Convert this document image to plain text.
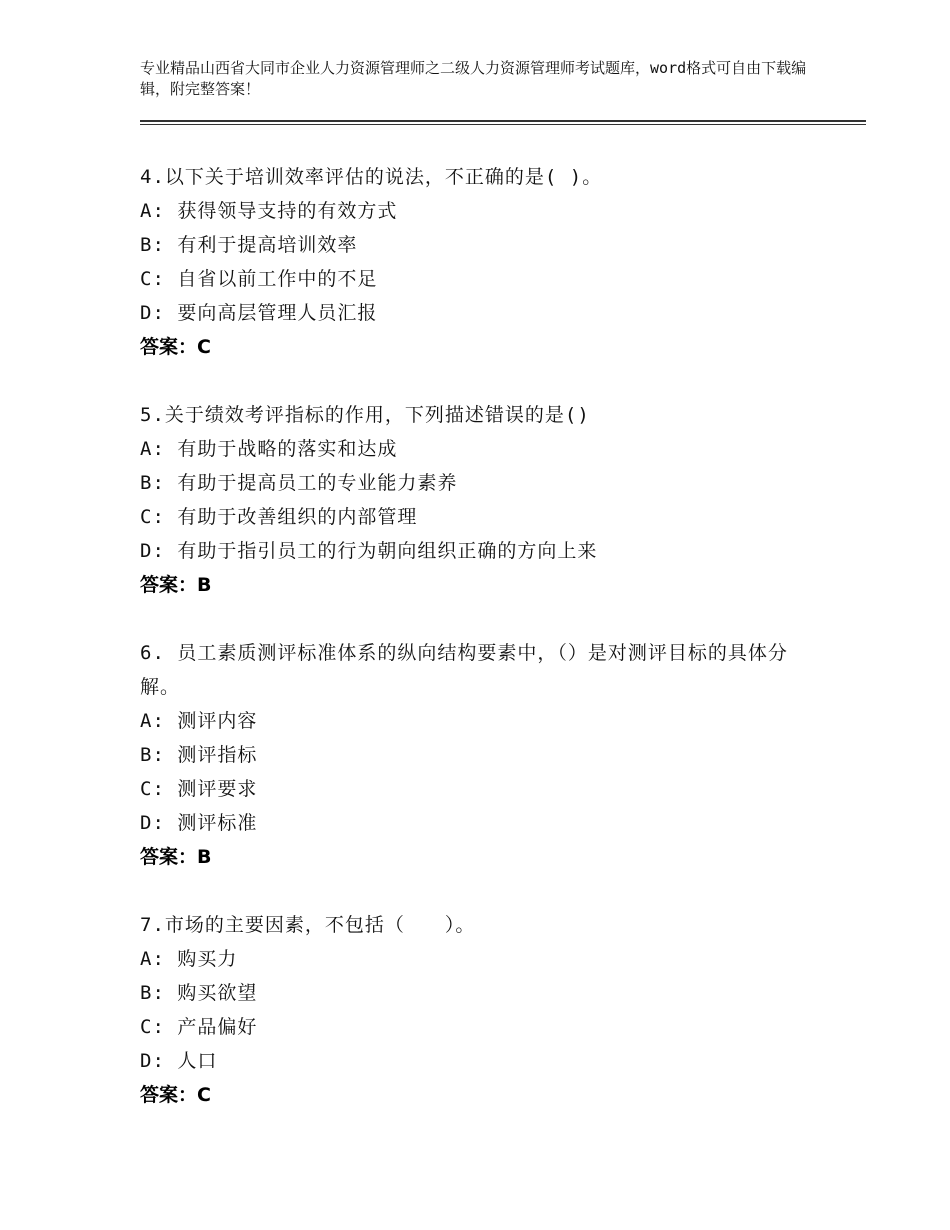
专业精品山西省大同市企业人力资源管理师之二级人力资源管理师考试题库，word格式可自由下载编辑，附完整答案！

4.以下关于培训效率评估的说法，不正确的是( )。

A: 获得领导支持的有效方式

B: 有利于提高培训效率

C: 自省以前工作中的不足

D: 要向高层管理人员汇报

答案：C

5.关于绩效考评指标的作用，下列描述错误的是()

A: 有助于战略的落实和达成

B: 有助于提高员工的专业能力素养

C: 有助于改善组织的内部管理

D: 有助于指引员工的行为朝向组织正确的方向上来

答案：B

6. 员工素质测评标准体系的纵向结构要素中，（）是对测评目标的具体分解。

A: 测评内容

B: 测评指标

C: 测评要求

D: 测评标准

答案：B

7.市场的主要因素，不包括（　　）。

A: 购买力

B: 购买欲望

C: 产品偏好

D: 人口

答案：C
